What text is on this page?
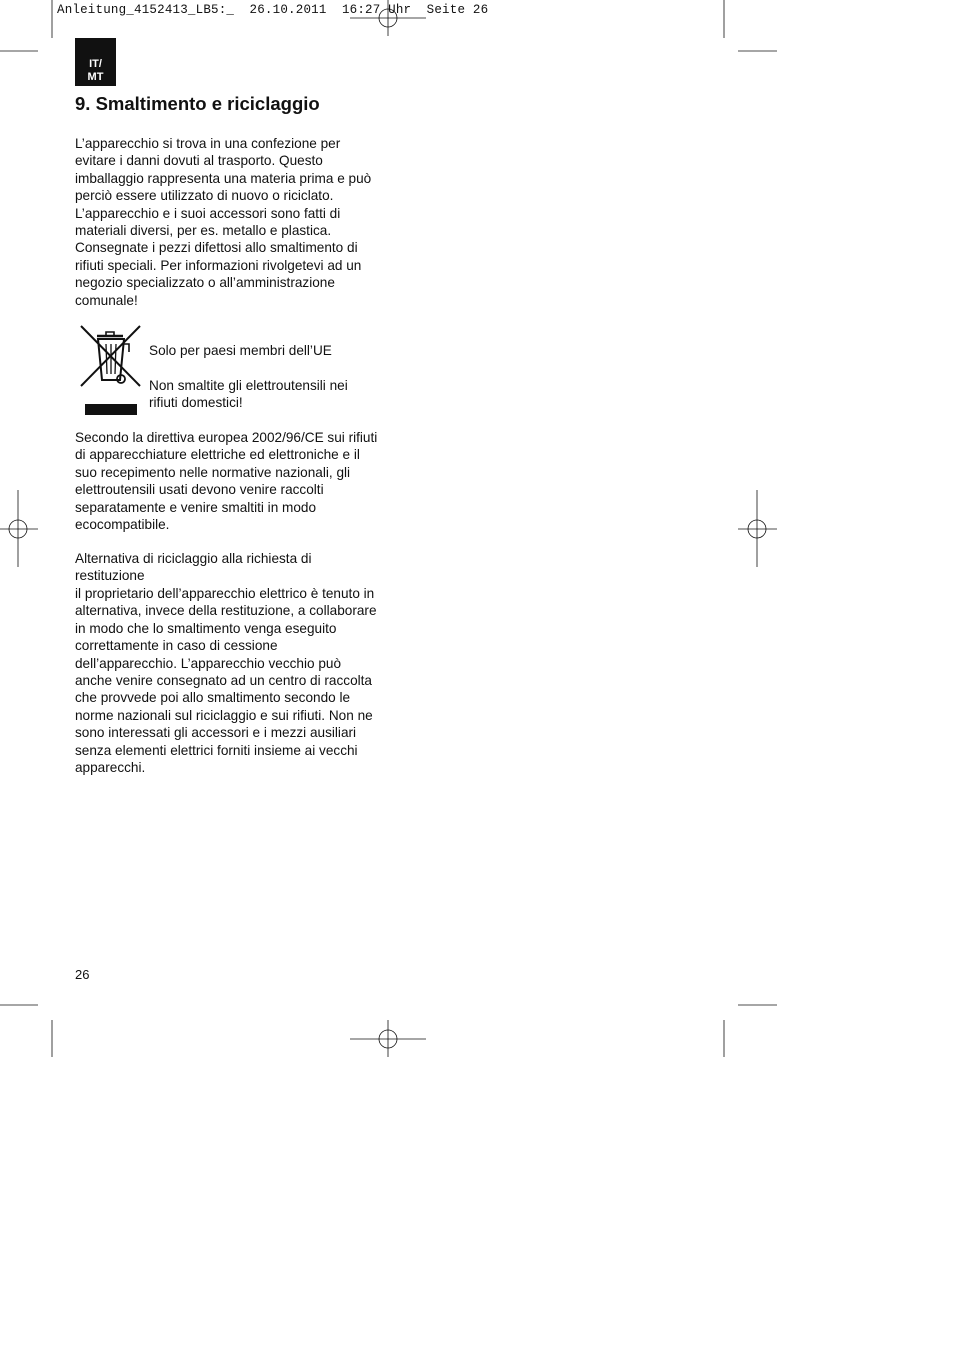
Anleitung_4152413_LB5:_  26.10.2011  16:27 Uhr  Seite 26
IT/
MT
9. Smaltimento e riciclaggio

L’apparecchio si trova in una confezione per evitare i danni dovuti al trasporto. Questo imballaggio rappresenta una materia prima e può perciò essere utilizzato di nuovo o riciclato. L’apparecchio e i suoi accessori sono fatti di materiali diversi, per es. metallo e plastica. Consegnate i pezzi difettosi allo smaltimento di rifiuti speciali. Per informazioni rivolgetevi ad un negozio specializzato o all’amministrazione comunale!

Solo per paesi membri dell’UE

Non smaltite gli elettroutensili nei rifiuti domestici!

Secondo la direttiva europea 2002/96/CE sui rifiuti di apparecchiature elettriche ed elettroniche e il suo recepimento nelle normative nazionali, gli elettroutensili usati devono venire raccolti separatamente e venire smaltiti in modo ecocompatibile.

Alternativa di riciclaggio alla richiesta di restituzione

il proprietario dell’apparecchio elettrico è tenuto in alternativa, invece della restituzione, a collaborare in modo che lo smaltimento venga eseguito correttamente in caso di cessione dell’apparecchio. L’apparecchio vecchio può anche venire consegnato ad un centro di raccolta che provvede poi allo smaltimento secondo le norme nazionali sul riciclaggio e sui rifiuti. Non ne sono interessati gli accessori e i mezzi ausiliari senza elementi elettrici forniti insieme ai vecchi apparecchi.

26
